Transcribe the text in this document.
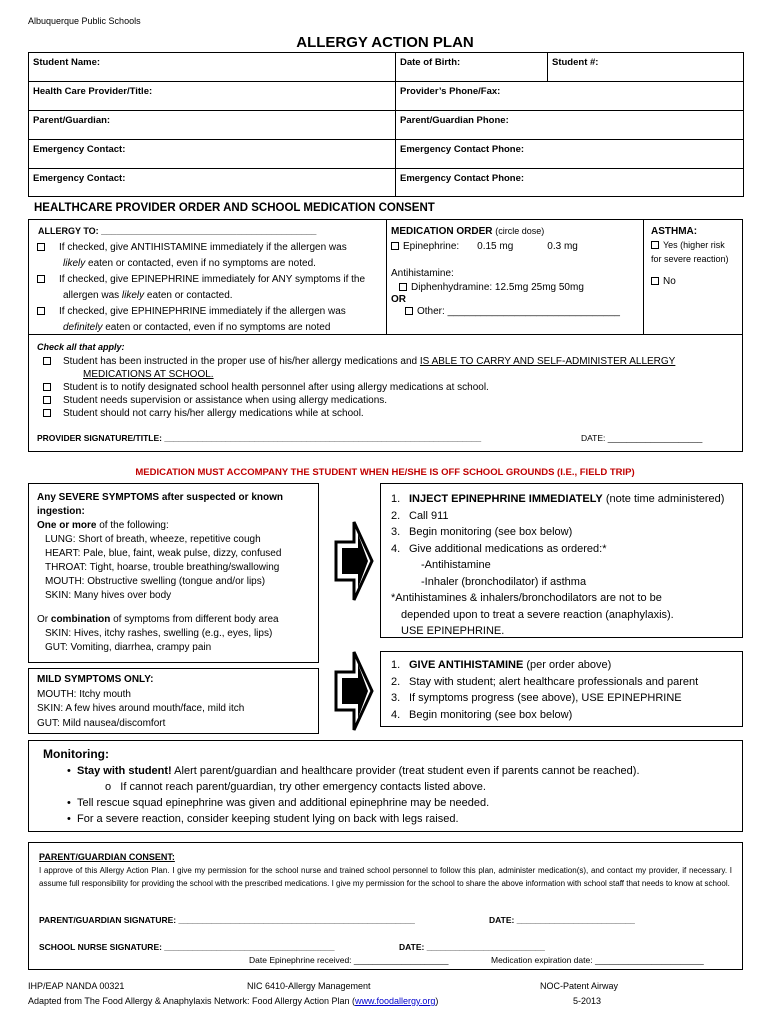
Albuquerque Public Schools
ALLERGY ACTION PLAN
Student Name:	Date of Birth:	Student #:
Health Care Provider/Title:	Provider’s Phone/Fax:
Parent/Guardian:	Parent/Guardian Phone:
Emergency Contact:	Emergency Contact Phone:
Emergency Contact:	Emergency Contact Phone:
HEALTHCARE PROVIDER ORDER AND SCHOOL MEDICATION CONSENT
ALLERGY TO: ___________________________________________
If checked, give ANTIHISTAMINE immediately if the allergen was
likely eaten or contacted, even if no symptoms are noted.
If checked, give EPINEPHRINE immediately for ANY symptoms if the
allergen was likely eaten or contacted.
If checked, give EPHINEPHRINE immediately if the allergen was
definitely eaten or contacted, even if no symptoms are noted
MEDICATION ORDER (circle dose)
Epinephrine: 0.15 mg	0.3 mg
Antihistamine:
Diphenhydramine: 12.5mg 25mg 50mg
OR
Other: _______________________________
ASTHMA:
Yes (higher risk
for severe reaction)
No
Check all that apply:
Student has been instructed in the proper use of his/her allergy medications and IS ABLE TO CARRY AND SELF-ADMINISTER ALLERGY
MEDICATIONS AT SCHOOL.
Student is to notify designated school health personnel after using allergy medications at school.
Student needs supervision or assistance when using allergy medications.
Student should not carry his/her allergy medications while at school.
PROVIDER SIGNATURE/TITLE: ___________________________________________________________________	DATE: ____________________
MEDICATION MUST ACCOMPANY THE STUDENT WHEN HE/SHE IS OFF SCHOOL GROUNDS (I.E., FIELD TRIP)
Any SEVERE SYMPTOMS after suspected or known
ingestion:
One or more of the following:
LUNG: Short of breath, wheeze, repetitive cough
HEART: Pale, blue, faint, weak pulse, dizzy, confused
THROAT: Tight, hoarse, trouble breathing/swallowing
MOUTH: Obstructive swelling (tongue and/or lips)
SKIN: Many hives over body
Or combination of symptoms from different body area
SKIN: Hives, itchy rashes, swelling (e.g., eyes, lips)
GUT: Vomiting, diarrhea, crampy pain
1. INJECT EPINEPHRINE IMMEDIATELY (note time administered)
2. Call 911
3. Begin monitoring (see box below)
4. Give additional medications as ordered:*
-Antihistamine
-Inhaler (bronchodilator) if asthma
*Antihistamines & inhalers/bronchodilators are not to be
depended upon to treat a severe reaction (anaphylaxis).
USE EPINEPHRINE.
MILD SYMPTOMS ONLY:
MOUTH: Itchy mouth
SKIN: A few hives around mouth/face, mild itch
GUT: Mild nausea/discomfort
1. GIVE ANTIHISTAMINE (per order above)
2. Stay with student; alert healthcare professionals and parent
3. If symptoms progress (see above), USE EPINEPHRINE
4. Begin monitoring (see box below)
Monitoring:
• Stay with student! Alert parent/guardian and healthcare provider (treat student even if parents cannot be reached).
o If cannot reach parent/guardian, try other emergency contacts listed above.
• Tell rescue squad epinephrine was given and additional epinephrine may be needed.
• For a severe reaction, consider keeping student lying on back with legs raised.
PARENT/GUARDIAN CONSENT:
I approve of this Allergy Action Plan. I give my permission for the school nurse and trained school personnel to follow this plan, administer medication(s), and contact my provider, if necessary. I assume full responsibility for providing the school with the prescribed medications. I give my permission for the school to share the above information with school staff that needs to know at school.
PARENT/GUARDIAN SIGNATURE: __________________________________________________	DATE: _________________________
SCHOOL NURSE SIGNATURE: ____________________________________	DATE: _________________________
Date Epinephrine received: ____________________	Medication expiration date: _______________________
IHP/EAP NANDA 00321	NIC 6410-Allergy Management	NOC-Patent Airway
Adapted from The Food Allergy & Anaphylaxis Network: Food Allergy Action Plan (www.foodallergy.org)	5-2013
